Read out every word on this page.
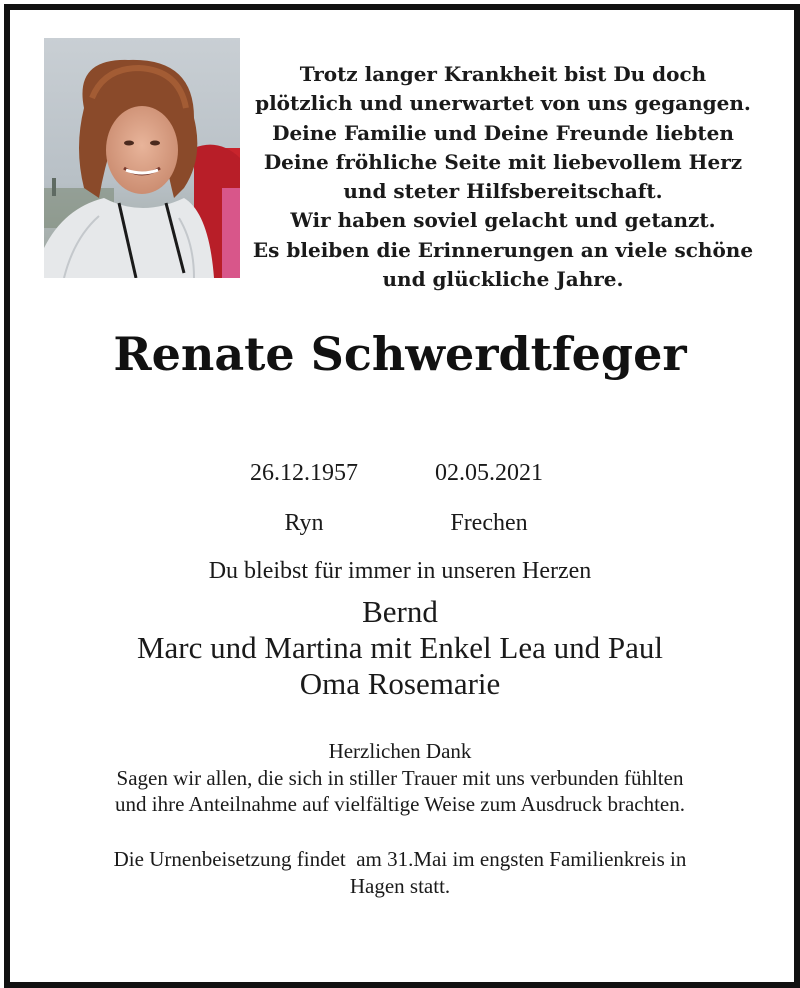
Trotz langer Krankheit bist Du doch
plötzlich und unerwartet von uns gegangen.
Deine Familie und Deine Freunde liebten
Deine fröhliche Seite mit liebevollem Herz
und steter Hilfsbereitschaft.
Wir haben soviel gelacht und getanzt.
Es bleiben die Erinnerungen an viele schöne
und glückliche Jahre.
Renate Schwerdtfeger
26.12.1957
Ryn
02.05.2021
Frechen
Du bleibst für immer in unseren Herzen
Bernd
Marc und Martina mit Enkel Lea und Paul
Oma Rosemarie
Herzlichen Dank
Sagen wir allen, die sich in stiller Trauer mit uns verbunden fühlten
und ihre Anteilnahme auf vielfältige Weise zum Ausdruck brachten.
Die Urnenbeisetzung findet  am 31.Mai im engsten Familienkreis in
Hagen statt.
